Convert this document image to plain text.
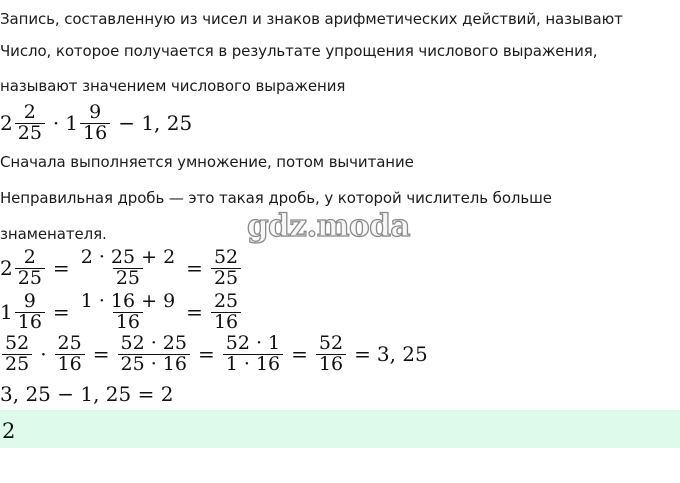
Запись, составленную из чисел и знаков арифметических действий, называют
Число, которое получается в результате упрощения числового выражения,
называют значением числового выражения
$2 \frac{2}{25} \cdot 1 \frac{9}{16} - 1$, 25
Сначала выполняется умножение, потом вычитание
Неправильная дробь — это такая дробь, у которой числитель больше
знаменателя.	gdz.moda
$2 \frac{2}{25} = \frac{2 \cdot 25 + 2}{25} = \frac{52}{25}$
$1 \frac{9}{16} = \frac{1 \cdot 16 + 9}{16} = \frac{25}{16}$
$\frac{52}{25} \cdot \frac{25}{16} = \frac{52 \cdot 25}{25 \cdot 16} = \frac{52 \cdot 1}{1 \cdot 16} = \frac{52}{16} = 3$, 25
3, 25 − 1, 25 = 2
2
